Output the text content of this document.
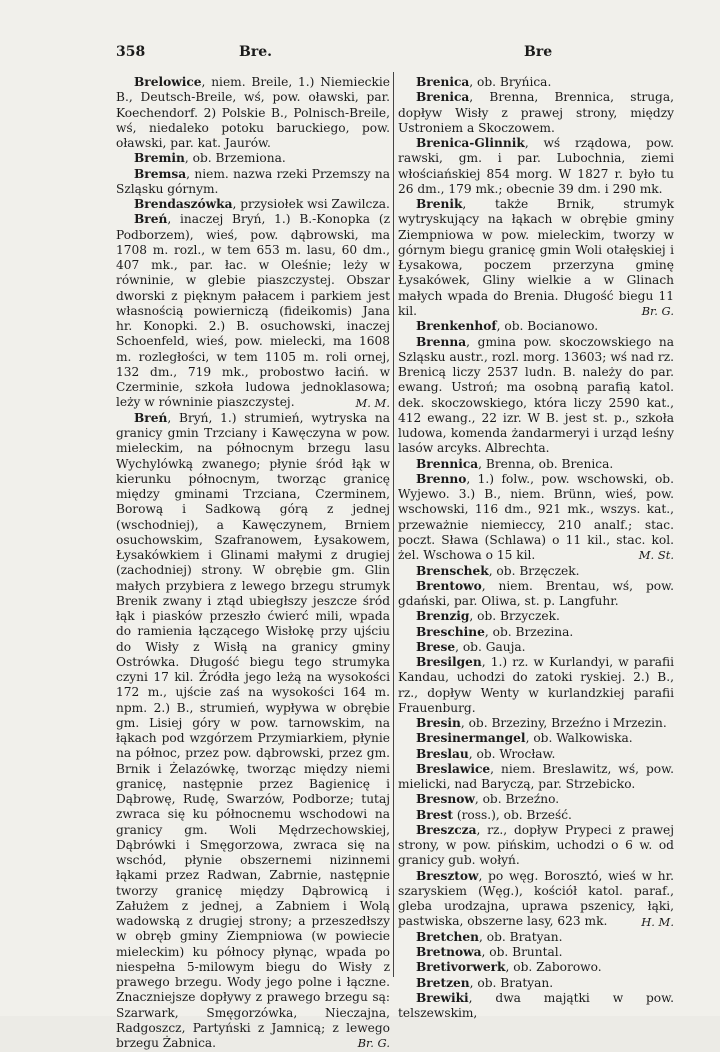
358	Bre.	Bre

Brelowice, niem. Breile, 1.) Niemieckie B., Deutsch-Breile, wś, pow. oławski, par. Koechendorf. 2) Polskie B., Polnisch-Breile, wś, niedaleko potoku baruckiego, pow. oławski, par. kat. Jaurów.

Bremin, ob. Brzemiona.

Bremsa, niem. nazwa rzeki Przemszy na Szląsku górnym.

Brendaszówka, przysiołek wsi Zawilcza.

Breń, inaczej Bryń, 1.) B.-Konopka (z Podborzem), wieś, pow. dąbrowski, ma 1708 m. rozl., w tem 653 m. lasu, 60 dm., 407 mk., par. łac. w Oleśnie; leży w równinie, w glebie piaszczystej. Obszar dworski z pięknym pałacem i parkiem jest własnością powierniczą (fideikomis) Jana hr. Konopki. 2.) B. osuchowski, inaczej Schoenfeld, wieś, pow. mielecki, ma 1608 m. rozległości, w tem 1105 m. roli ornej, 132 dm., 719 mk., probostwo łaciń. w Czerminie, szkoła ludowa jednoklasowa; leży w równinie piaszczystej.	M. M.

Breń, Bryń, 1.) strumień, wytryska na granicy gmin Trzciany i Kawęczyna w pow. mieleckim, na północnym brzegu lasu Wychylówką zwanego; płynie śród łąk w kierunku północnym, tworząc granicę między gminami Trzciana, Czerminem, Borową i Sadkową górą z jednej (wschodniej), a Kawęczynem, Brniem osuchowskim, Szafranowem, Łysakowem, Łysakówkiem i Glinami małymi z drugiej (zachodniej) strony. W obrębie gm. Glin małych przybiera z lewego brzegu strumyk Brenik zwany i ztąd ubiegłszy jeszcze śród łąk i piasków przeszło ćwierć mili, wpada do ramienia łączącego Wisłokę przy ujściu do Wisły z Wisłą na granicy gminy Ostrówka. Długość biegu tego strumyka czyni 17 kil. Źródła jego leżą na wysokości 172 m., ujście zaś na wysokości 164 m. npm. 2.) B., strumień, wypływa w obrębie gm. Lisiej góry w pow. tarnowskim, na łąkach pod wzgórzem Przymiarkiem, płynie na północ, przez pow. dąbrowski, przez gm. Brnik i Żelazówkę, tworząc między niemi granicę, następnie przez Bagienicę i Dąbrowę, Rudę, Swarzów, Podborze; tutaj zwraca się ku północnemu wschodowi na granicy gm. Woli Mędrzechowskiej, Dąbrówki i Smęgorzowa, zwraca się na wschód, płynie obszernemi nizinnemi łąkami przez Radwan, Zabrnie, następnie tworzy granicę między Dąbrowicą i Załużem z jednej, a Zabniem i Wolą wadowską z drugiej strony; a przeszedłszy w obręb gminy Ziempniowa (w powiecie mieleckim) ku północy płynąc, wpada po niespełna 5-milowym biegu do Wisły z prawego brzegu. Wody jego polne i łączne. Znaczniejsze dopływy z prawego brzegu są: Szarwark, Smęgorzówka, Nieczajna, Radgoszcz, Partyński z Jamnicą; z lewego brzegu Żabnica.	Br. G.

Brenica, ob. Bryńica.

Brenica, Brenna, Brennica, struga, dopływ Wisły z prawej strony, między Ustroniem a Skoczowem.

Brenica-Glinnik, wś rządowa, pow. rawski, gm. i par. Lubochnia, ziemi włościańskiej 854 morg. W 1827 r. było tu 26 dm., 179 mk.; obecnie 39 dm. i 290 mk.

Brenik, także Brnik, strumyk wytryskujący na łąkach w obrębie gminy Ziempniowa w pow. mieleckim, tworzy w górnym biegu granicę gmin Woli otałęskiej i Łysakowa, poczem przerzyna gminę Łysakówek, Gliny wielkie a w Glinach małych wpada do Brenia. Długość biegu 11 kil.	Br. G.

Brenkenhof, ob. Bocianowo.

Brenna, gmina pow. skoczowskiego na Szląsku austr., rozl. morg. 13603; wś nad rz. Brenicą liczy 2537 ludn. B. należy do par. ewang. Ustroń; ma osobną parafią katol. dek. skoczowskiego, która liczy 2590 kat., 412 ewang., 22 izr. W B. jest st. p., szkoła ludowa, komenda żandarmeryi i urząd leśny lasów arcyks. Albrechta.

Brennica, Brenna, ob. Brenica.

Brenno, 1.) folw., pow. wschowski, ob. Wyjewo. 3.) B., niem. Brünn, wieś, pow. wschowski, 116 dm., 921 mk., wszys. kat., przeważnie niemieccy, 210 analf.; stac. poczt. Sława (Schlawa) o 11 kil., stac. kol. żel. Wschowa o 15 kil.	M. St.

Brenschek, ob. Brzęczek.

Brentowo, niem. Brentau, wś, pow. gdański, par. Oliwa, st. p. Langfuhr.

Brenzig, ob. Brzyczek.

Breschine, ob. Brzezina.

Brese, ob. Gauja.

Bresilgen, 1.) rz. w Kurlandyi, w parafii Kandau, uchodzi do zatoki ryskiej. 2.) B., rz., dopływ Wenty w kurlandzkiej parafii Frauenburg.

Bresin, ob. Brzeziny, Brzeźno i Mrzezin.

Bresinermangel, ob. Walkowiska.

Breslau, ob. Wrocław.

Breslawice, niem. Breslawitz, wś, pow. mielicki, nad Baryczą, par. Strzebicko.

Bresnow, ob. Brzeźno.

Brest (ross.), ob. Brześć.

Breszcza, rz., dopływ Prypeci z prawej strony, w pow. pińskim, uchodzi o 6 w. od granicy gub. wołyń.

Bresztow, po węg. Borosztó, wieś w hr. szaryskiem (Węg.), kościół katol. paraf., gleba urodzajna, uprawa pszenicy, łąki, pastwiska, obszerne lasy, 623 mk.	H. M.

Bretchen, ob. Bratyan.

Bretnowa, ob. Bruntal.

Bretivorwerk, ob. Zaborowo.

Bretzen, ob. Bratyan.

Brewiki, dwa majątki w pow. telszewskim,
